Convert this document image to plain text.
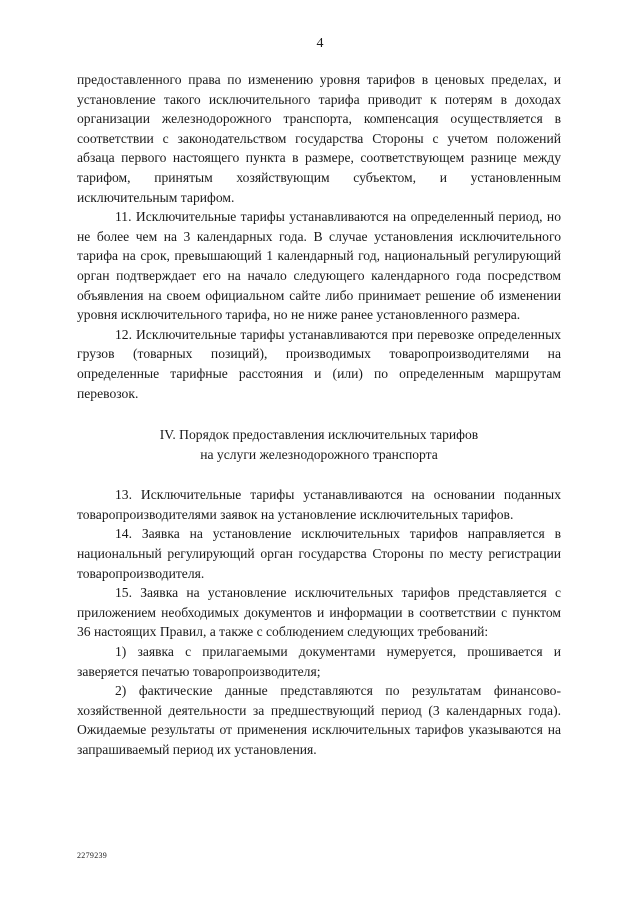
4

предоставленного права по изменению уровня тарифов в ценовых пределах, и установление такого исключительного тарифа приводит к потерям в доходах организации железнодорожного транспорта, компенсация осуществляется в соответствии с законодательством государства Стороны с учетом положений абзаца первого настоящего пункта в размере, соответствующем разнице между тарифом, принятым хозяйствующим субъектом, и установленным исключительным тарифом.

11. Исключительные тарифы устанавливаются на определенный период, но не более чем на 3 календарных года. В случае установления исключительного тарифа на срок, превышающий 1 календарный год, национальный регулирующий орган подтверждает его на начало следующего календарного года посредством объявления на своем официальном сайте либо принимает решение об изменении уровня исключительного тарифа, но не ниже ранее установленного размера.

12. Исключительные тарифы устанавливаются при перевозке определенных грузов (товарных позиций), производимых товаропроизводителями на определенные тарифные расстояния и (или) по определенным маршрутам перевозок.

IV. Порядок предоставления исключительных тарифов
на услуги железнодорожного транспорта

13. Исключительные тарифы устанавливаются на основании поданных товаропроизводителями заявок на установление исключительных тарифов.

14. Заявка на установление исключительных тарифов направляется в национальный регулирующий орган государства Стороны по месту регистрации товаропроизводителя.

15. Заявка на установление исключительных тарифов представляется с приложением необходимых документов и информации в соответствии с пунктом 36 настоящих Правил, а также с соблюдением следующих требований:

1) заявка с прилагаемыми документами нумеруется, прошивается и заверяется печатью товаропроизводителя;

2) фактические данные представляются по результатам финансово-хозяйственной деятельности за предшествующий период (3 календарных года). Ожидаемые результаты от применения исключительных тарифов указываются на запрашиваемый период их установления.

2279239
